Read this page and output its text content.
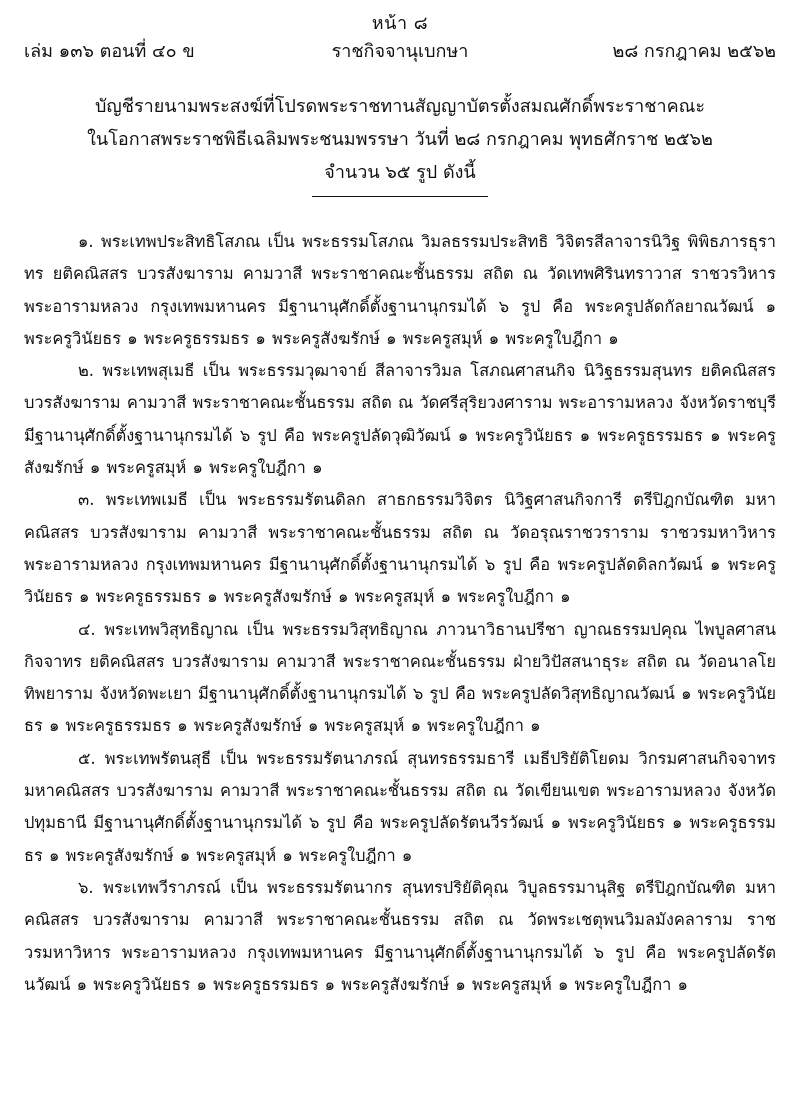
หน้า ๘
ราชกิจจานุเบกษา
เล่ม ๑๓๖ ตอนที่ ๔๐ ข	๒๘ กรกฎาคม ๒๕๖๒
บัญชีรายนามพระสงฆ์ที่โปรดพระราชทานสัญญาบัตรตั้งสมณศักดิ์พระราชาคณะ
ในโอกาสพระราชพิธีเฉลิมพระชนมพรรษา วันที่ ๒๘ กรกฎาคม พุทธศักราช ๒๕๖๒
จำนวน ๖๕ รูป ดังนี้

๑. พระเทพประสิทธิโสภณ เป็น พระธรรมโสภณ วิมลธรรมประสิทธิ วิจิตรสีลาจารนิวิฐ พิพิธภารธุราทร ยติคณิสสร บวรสังฆาราม คามวาสี พระราชาคณะชั้นธรรม สถิต ณ วัดเทพศิรินทราวาส ราชวรวิหาร พระอารามหลวง กรุงเทพมหานคร มีฐานานุศักดิ์ตั้งฐานานุกรมได้ ๖ รูป คือ พระครูปลัดกัลยาณวัฒน์ ๑ พระครูวินัยธร ๑ พระครูธรรมธร ๑ พระครูสังฆรักษ์ ๑ พระครูสมุห์ ๑ พระครูใบฎีกา ๑

๒. พระเทพสุเมธี เป็น พระธรรมวุฒาจาย์ สีลาจารวิมล โสภณศาสนกิจ นิวิฐธรรมสุนทร ยติคณิสสร บวรสังฆาราม คามวาสี พระราชาคณะชั้นธรรม สถิต ณ วัดศรีสุริยวงศาราม พระอารามหลวง จังหวัดราชบุรี มีฐานานุศักดิ์ตั้งฐานานุกรมได้ ๖ รูป คือ พระครูปลัดวุฒิวัฒน์ ๑ พระครูวินัยธร ๑ พระครูธรรมธร ๑ พระครูสังฆรักษ์ ๑ พระครูสมุห์ ๑ พระครูใบฎีกา ๑

๓. พระเทพเมธี เป็น พระธรรมรัตนดิลก สาธกธรรมวิจิตร นิวิฐศาสนกิจการี ตรีปิฎกบัณฑิต มหาคณิสสร บวรสังฆาราม คามวาสี พระราชาคณะชั้นธรรม สถิต ณ วัดอรุณราชวราราม ราชวรมหาวิหาร พระอารามหลวง กรุงเทพมหานคร มีฐานานุศักดิ์ตั้งฐานานุกรมได้ ๖ รูป คือ พระครูปลัดดิลกวัฒน์ ๑ พระครูวินัยธร ๑ พระครูธรรมธร ๑ พระครูสังฆรักษ์ ๑ พระครูสมุห์ ๑ พระครูใบฎีกา ๑

๔. พระเทพวิสุทธิญาณ เป็น พระธรรมวิสุทธิญาณ ภาวนาวิธานปรีชา ญาณธรรมปคุณ ไพบูลศาสนกิจจาทร ยติคณิสสร บวรสังฆาราม คามวาสี พระราชาคณะชั้นธรรม ฝ่ายวิปัสสนาธุระ สถิต ณ วัดอนาลโยทิพยาราม จังหวัดพะเยา มีฐานานุศักดิ์ตั้งฐานานุกรมได้ ๖ รูป คือ พระครูปลัดวิสุทธิญาณวัฒน์ ๑ พระครูวินัยธร ๑ พระครูธรรมธร ๑ พระครูสังฆรักษ์ ๑ พระครูสมุห์ ๑ พระครูใบฎีกา ๑

๕. พระเทพรัตนสุธี เป็น พระธรรมรัตนาภรณ์ สุนทรธรรมธารี เมธีปริยัติโยดม วิกรมศาสนกิจจาทร มหาคณิสสร บวรสังฆาราม คามวาสี พระราชาคณะชั้นธรรม สถิต ณ วัดเขียนเขต พระอารามหลวง จังหวัดปทุมธานี มีฐานานุศักดิ์ตั้งฐานานุกรมได้ ๖ รูป คือ พระครูปลัดรัตนวีรวัฒน์ ๑ พระครูวินัยธร ๑ พระครูธรรมธร ๑ พระครูสังฆรักษ์ ๑ พระครูสมุห์ ๑ พระครูใบฎีกา ๑

๖. พระเทพวีราภรณ์ เป็น พระธรรมรัตนากร สุนทรปริยัติคุณ วิบูลธรรมานุสิฐ ตรีปิฎกบัณฑิต มหาคณิสสร บวรสังฆาราม คามวาสี พระราชาคณะชั้นธรรม สถิต ณ วัดพระเชตุพนวิมลมังคลาราม ราชวรมหาวิหาร พระอารามหลวง กรุงเทพมหานคร มีฐานานุศักดิ์ตั้งฐานานุกรมได้ ๖ รูป คือ พระครูปลัดรัตนวัฒน์ ๑ พระครูวินัยธร ๑ พระครูธรรมธร ๑ พระครูสังฆรักษ์ ๑ พระครูสมุห์ ๑ พระครูใบฎีกา ๑
